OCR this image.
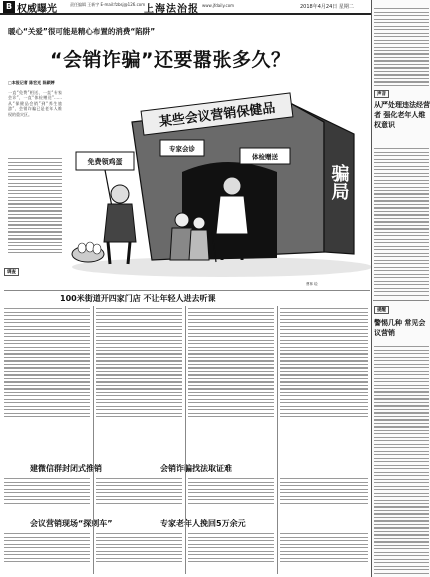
B 权威曝光	责任编辑 王新宇 E-mail:fzbsj@126.com
上海法治报 www.jfdaily.com	2018年4月24日 星期二
暖心“关爱”很可能是精心布置的消费“陷阱”
“会销诈骗”还要嚣张多久？
□本报记者 陈宏光 陈颖婷
一直“免费”相送、一直“专家会诊”，一直“体检赠送”……从“保健品会销”到“养生旅游”，会销诈骗已是老年人维权的重灾区。	某些会议营销保健品
骗局
免费领鸡蛋
专家会诊
体检赠送
曹林 绘
调查
100米街道开四家门店 不让年轻人进去听课
建微信群封闭式推销	会销诈骗找法取证难
会议营销现场“探刺车”	专家老年人挽回5万余元
声音
从严处理违法经营者 强化老年人维权意识
提醒
警惕几种 常见会议营销
